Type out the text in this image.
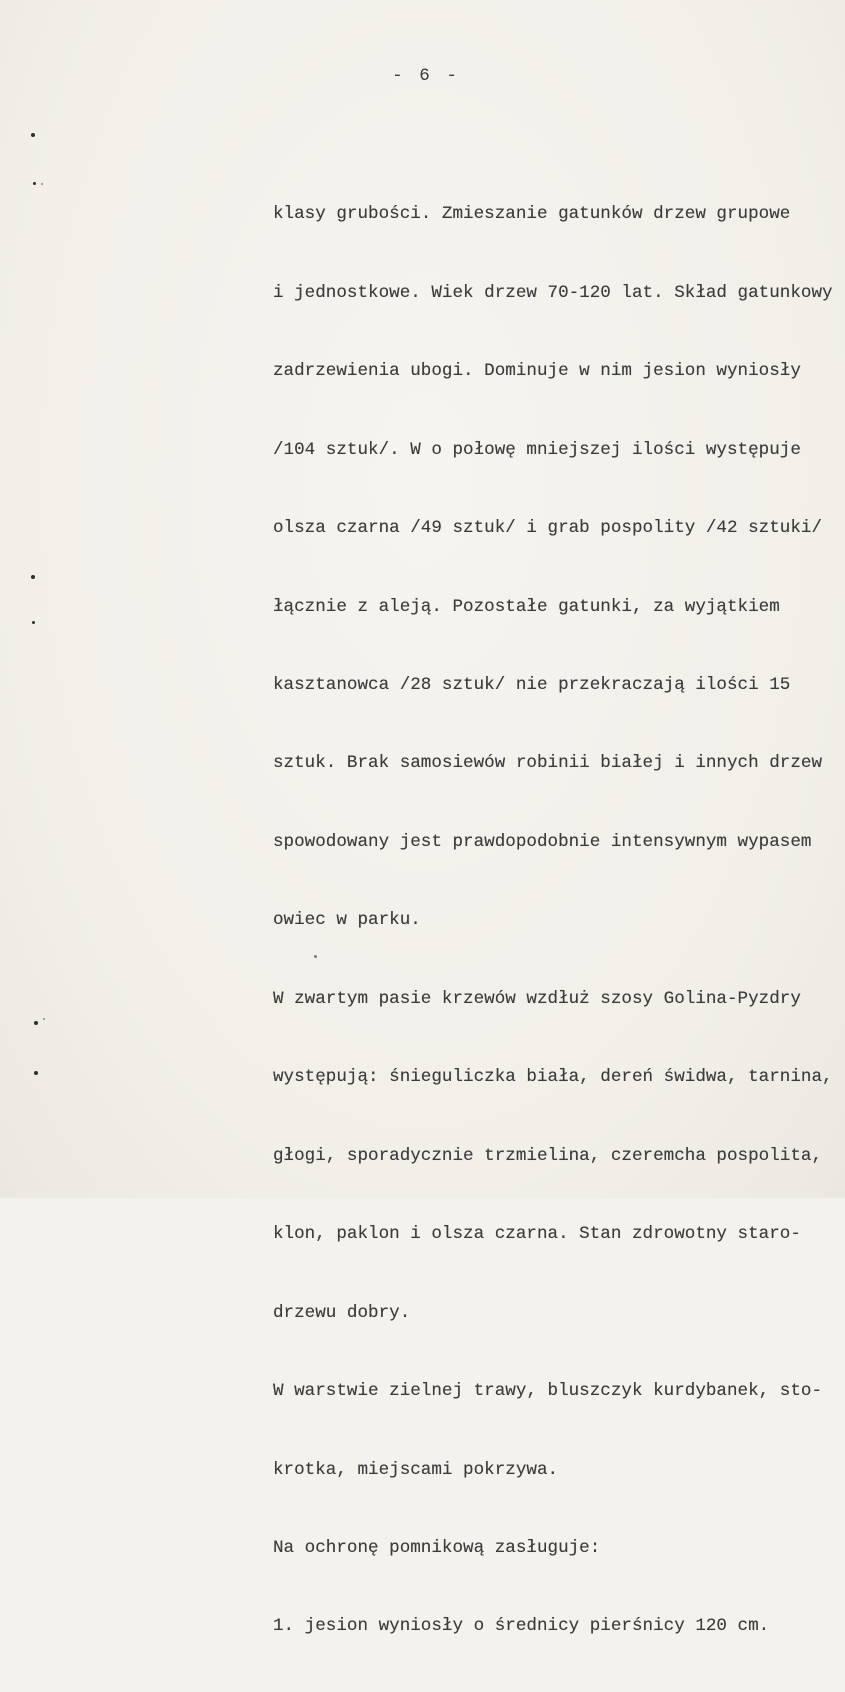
- 6 -

klasy grubości. Zmieszanie gatunków drzew grupowe

i jednostkowe. Wiek drzew 70-120 lat. Skład gatunkowy

zadrzewienia ubogi. Dominuje w nim jesion wyniosły

/104 sztuk/. W o połowę mniejszej ilości występuje

olsza czarna /49 sztuk/ i grab pospolity /42 sztuki/

łącznie z aleją. Pozostałe gatunki, za wyjątkiem

kasztanowca /28 sztuk/ nie przekraczają ilości 15

sztuk. Brak samosiewów robinii białej i innych drzew

spowodowany jest prawdopodobnie intensywnym wypasem

owiec w parku.

W zwartym pasie krzewów wzdłuż szosy Golina-Pyzdry

występują: śnieguliczka biała, dereń świdwa, tarnina,

głogi, sporadycznie trzmielina, czeremcha pospolita,

klon, paklon i olsza czarna. Stan zdrowotny staro-

drzewu dobry.

W warstwie zielnej trawy, bluszczyk kurdybanek, sto-

krotka, miejscami pokrzywa.

Na ochronę pomnikową zasługuje:

1. jesion wyniosły o średnicy pierśnicy 120 cm.
